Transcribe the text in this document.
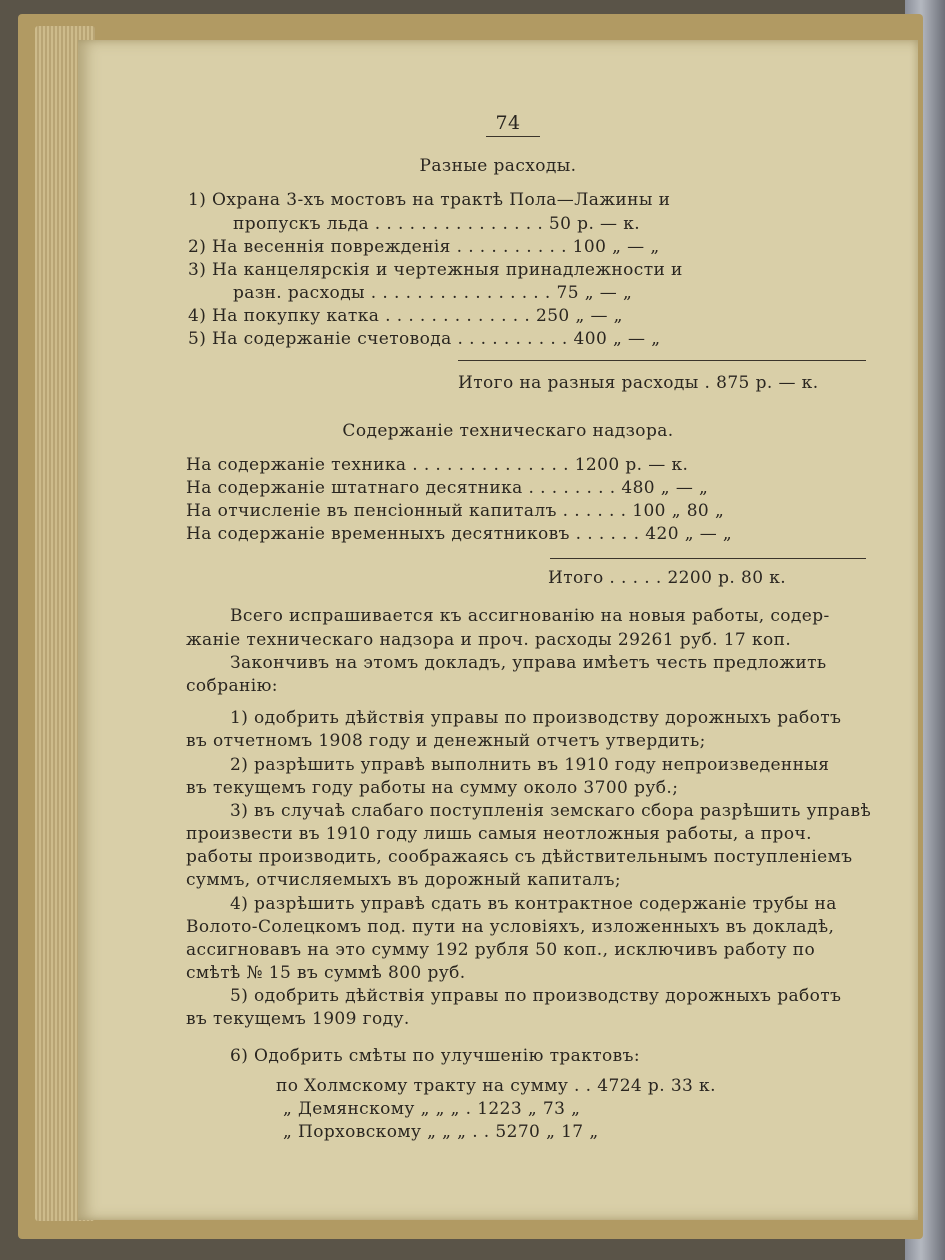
74
Разные расходы.
1) Охрана 3-хъ мостовъ на трактѣ Пола—Лажины и
пропускъ льда . . . . . . . . . . . . . . . 50 р. — к.
2) На весеннія поврежденія . . . . . . . . . . 100 „ — „
3) На канцелярскія и чертежныя принадлежности и
разн. расходы . . . . . . . . . . . . . . . . 75 „ — „
4) На покупку катка . . . . . . . . . . . . . 250 „ — „
5) На содержаніе счетовода . . . . . . . . . . 400 „ — „
Итого на разныя расходы . 875 р. — к.
Содержаніе техническаго надзора.
На содержаніе техника . . . . . . . . . . . . . . 1200 р. — к.
На содержаніе штатнаго десятника . . . . . . . . 480 „ — „
На отчисленіе въ пенсіонный капиталъ . . . . . . 100 „ 80 „
На содержаніе временныхъ десятниковъ . . . . . . 420 „ — „
Итого . . . . . 2200 р. 80 к.
Всего испрашивается къ ассигнованію на новыя работы, содер-
жаніе техническаго надзора и проч. расходы 29261 руб. 17 коп.
Закончивъ на этомъ докладъ, управа имѣетъ честь предложить
собранію:
1) одобрить дѣйствія управы по производству дорожныхъ работъ
въ отчетномъ 1908 году и денежный отчетъ утвердить;
2) разрѣшить управѣ выполнить въ 1910 году непроизведенныя
въ текущемъ году работы на сумму около 3700 руб.;
3) въ случаѣ слабаго поступленія земскаго сбора разрѣшить управѣ
произвести въ 1910 году лишь самыя неотложныя работы, а проч.
работы производить, соображаясь съ дѣйствительнымъ поступленіемъ
суммъ, отчисляемыхъ въ дорожный капиталъ;
4) разрѣшить управѣ сдать въ контрактное содержаніе трубы на
Волото-Солецкомъ под. пути на условіяхъ, изложенныхъ въ докладѣ,
ассигновавъ на это сумму 192 рубля 50 коп., исключивъ работу по
смѣтѣ № 15 въ суммѣ 800 руб.
5) одобрить дѣйствія управы по производству дорожныхъ работъ
въ текущемъ 1909 году.
6) Одобрить смѣты по улучшенію трактовъ:
по Холмскому тракту на сумму . . 4724 р. 33 к.
„ Демянскому „ „ „ . 1223 „ 73 „
„ Порховскому „ „ „ . . 5270 „ 17 „
